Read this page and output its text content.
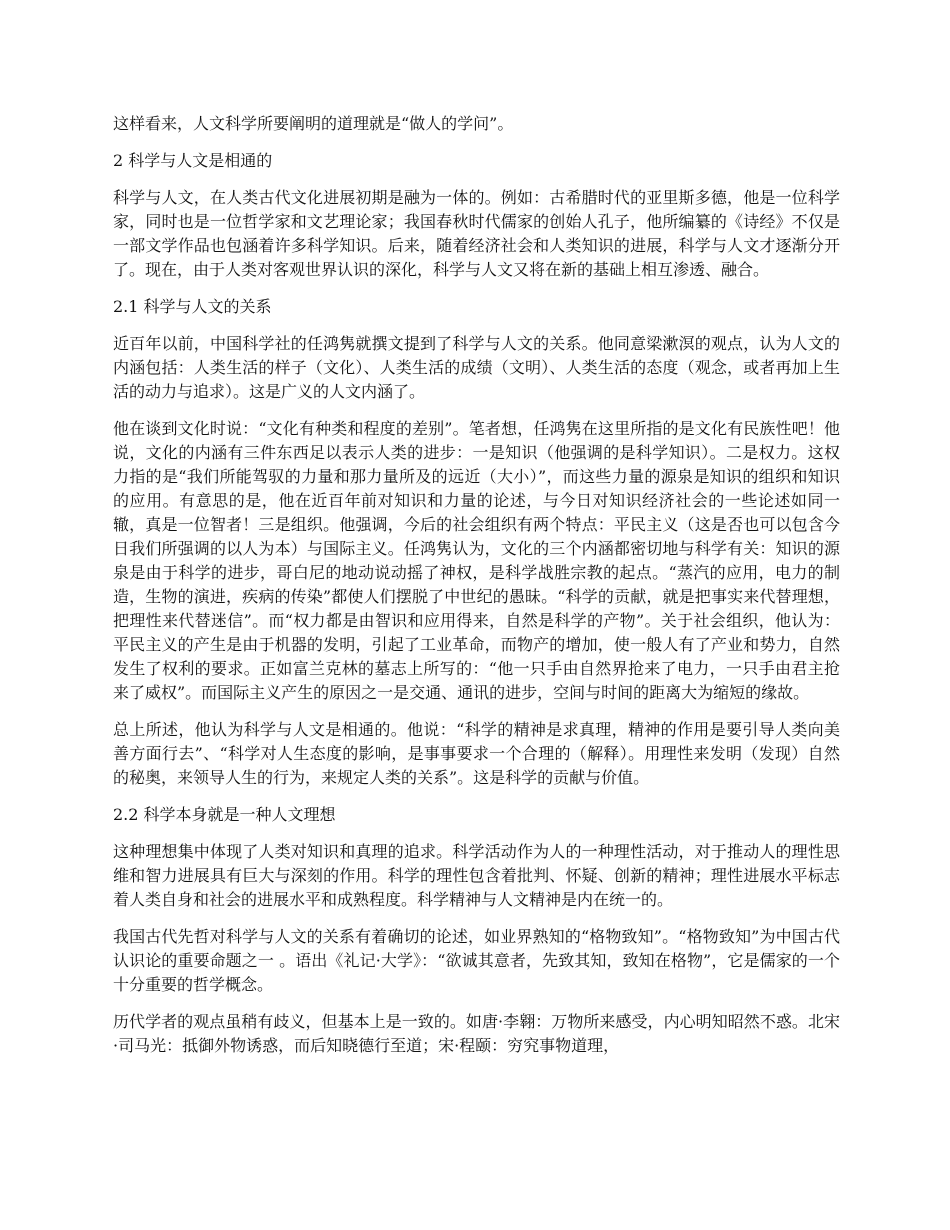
这样看来，人文科学所要阐明的道理就是“做人的学问”。

2 科学与人文是相通的

科学与人文，在人类古代文化进展初期是融为一体的。例如：古希腊时代的亚里斯多德，他是一位科学家，同时也是一位哲学家和文艺理论家；我国春秋时代儒家的创始人孔子，他所编纂的《诗经》不仅是一部文学作品也包涵着许多科学知识。后来，随着经济社会和人类知识的进展，科学与人文才逐渐分开了。现在，由于人类对客观世界认识的深化，科学与人文又将在新的基础上相互渗透、融合。

2.1 科学与人文的关系

近百年以前，中国科学社的任鸿隽就撰文提到了科学与人文的关系。他同意梁漱溟的观点，认为人文的内涵包括：人类生活的样子（文化）、人类生活的成绩（文明）、人类生活的态度（观念，或者再加上生活的动力与追求）。这是广义的人文内涵了。

他在谈到文化时说：“文化有种类和程度的差别”。笔者想，任鸿隽在这里所指的是文化有民族性吧！他说，文化的内涵有三件东西足以表示人类的进步：一是知识（他强调的是科学知识）。二是权力。这权力指的是“我们所能驾驭的力量和那力量所及的远近（大小）”，而这些力量的源泉是知识的组织和知识的应用。有意思的是，他在近百年前对知识和力量的论述，与今日对知识经济社会的一些论述如同一辙，真是一位智者！三是组织。他强调，今后的社会组织有两个特点：平民主义（这是否也可以包含今日我们所强调的以人为本）与国际主义。任鸿隽认为，文化的三个内涵都密切地与科学有关：知识的源泉是由于科学的进步，哥白尼的地动说动摇了神权，是科学战胜宗教的起点。“蒸汽的应用，电力的制造，生物的演进，疾病的传染”都使人们摆脱了中世纪的愚昧。“科学的贡献，就是把事实来代替理想，把理性来代替迷信”。而“权力都是由智识和应用得来，自然是科学的产物”。关于社会组织，他认为：平民主义的产生是由于机器的发明，引起了工业革命，而物产的增加，使一般人有了产业和势力，自然发生了权利的要求。正如富兰克林的墓志上所写的：“他一只手由自然界抢来了电力，一只手由君主抢来了威权”。而国际主义产生的原因之一是交通、通讯的进步，空间与时间的距离大为缩短的缘故。

总上所述，他认为科学与人文是相通的。他说：“科学的精神是求真理，精神的作用是要引导人类向美善方面行去”、“科学对人生态度的影响，是事事要求一个合理的（解释）。用理性来发明（发现）自然的秘奥，来领导人生的行为，来规定人类的关系”。这是科学的贡献与价值。

2.2 科学本身就是一种人文理想

这种理想集中体现了人类对知识和真理的追求。科学活动作为人的一种理性活动，对于推动人的理性思维和智力进展具有巨大与深刻的作用。科学的理性包含着批判、怀疑、创新的精神；理性进展水平标志着人类自身和社会的进展水平和成熟程度。科学精神与人文精神是内在统一的。

我国古代先哲对科学与人文的关系有着确切的论述，如业界熟知的“格物致知”。“格物致知”为中国古代认识论的重要命题之一 。语出《礼记·大学》：“欲诚其意者，先致其知，致知在格物”，它是儒家的一个十分重要的哲学概念。

历代学者的观点虽稍有歧义，但基本上是一致的。如唐·李翱：万物所来感受，内心明知昭然不惑。北宋·司马光：抵御外物诱惑，而后知晓德行至道；宋·程颐：穷究事物道理，
